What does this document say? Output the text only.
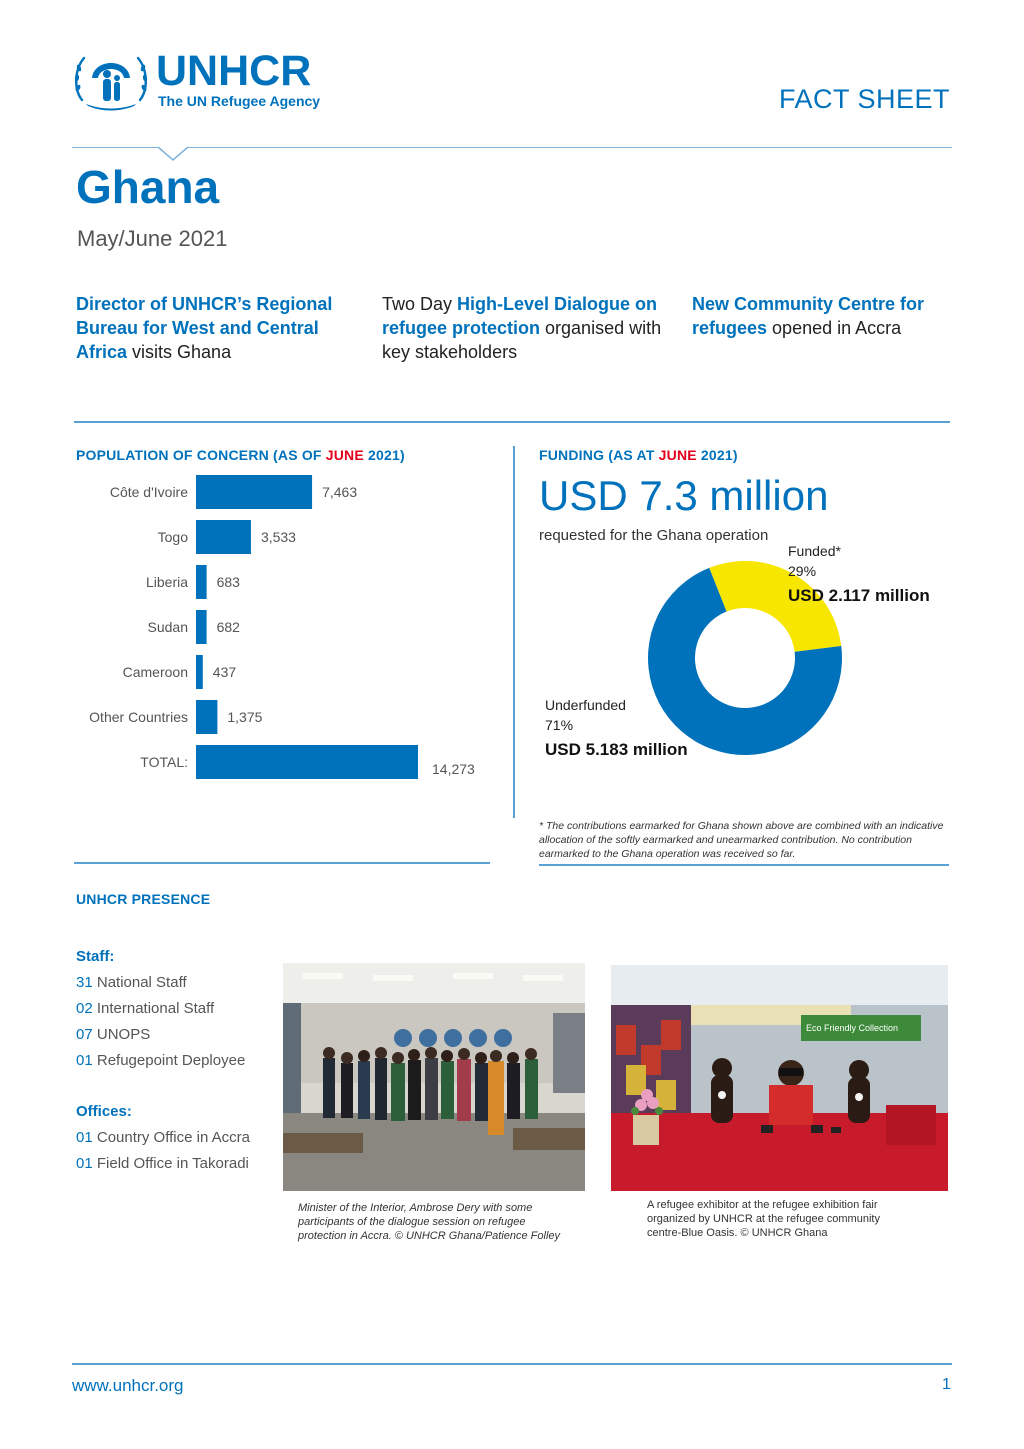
UNHCR
The UN Refugee Agency	FACT SHEET
Ghana
May/June 2021
Director of UNHCR’s Regional Bureau for West and Central Africa visits Ghana
Two Day High-Level Dialogue on refugee protection organised with key stakeholders
New Community Centre for refugees opened in Accra
POPULATION OF CONCERN (AS OF JUNE 2021)
Côte d'Ivoire	7,463
Togo	3,533
Liberia 683
Sudan 682
Cameroon 437
Other Countries	1,375
TOTAL:	14,273
FUNDING (AS AT JUNE 2021)
USD 7.3 million
requested for the Ghana operation
Funded*
29%
USD 2.117 million
Underfunded
71%
USD 5.183 million
* The contributions earmarked for Ghana shown above are combined with an indicative allocation of the softly earmarked and unearmarked contribution. No contribution earmarked to the Ghana operation was received so far.
UNHCR PRESENCE
Staff:
31 National Staff
02 International Staff
07 UNOPS
01 Refugepoint Deployee
Offices:
01 Country Office in Accra
01 Field Office in Takoradi
Minister of the Interior, Ambrose Dery with some participants of the dialogue session on refugee protection in Accra. © UNHCR Ghana/Patience Folley
Eco Friendly Collection
A refugee exhibitor at the refugee exhibition fair organized by UNHCR at the refugee community centre-Blue Oasis. © UNHCR Ghana
www.unhcr.org	1
